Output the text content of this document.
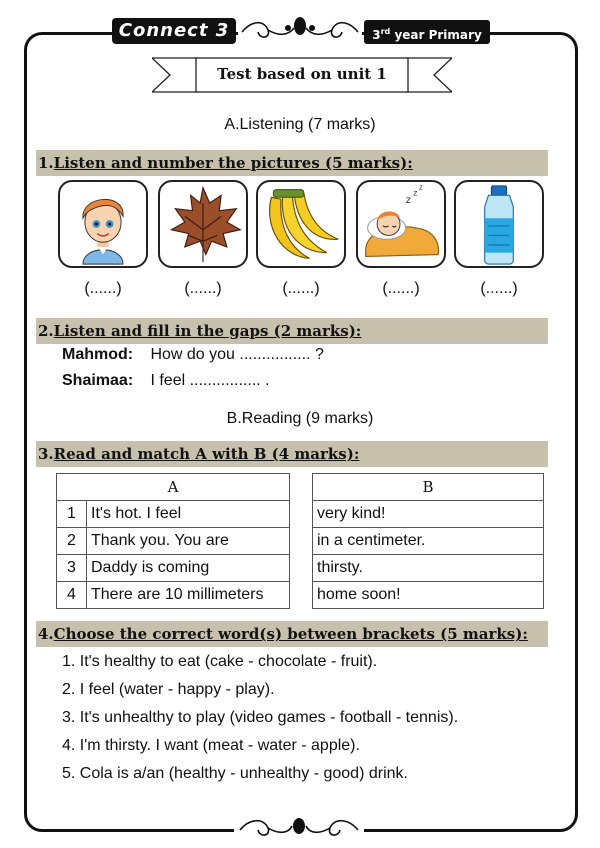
Connect 3	3rd year Primary
Test based on unit 1
A.Listening (7 marks)
1.Listen and number the pictures (5 marks):
z
z
z
(......)	(......)	(......)	(......)	(......)
2.Listen and fill in the gaps (2 marks):
Mahmod: How do you ................ ?
Shaimaa: I feel ................ .
B.Reading (9 marks)
3.Read and match A with B (4 marks):
A	
1	It's hot. I feel
2	Thank you. You are
3	Daddy is coming
4	There are 10 millimeters
B
very kind!
in a centimeter.
thirsty.
home soon!
4.Choose the correct word(s) between brackets (5 marks):
1. It's healthy to eat (cake - chocolate - fruit).
2. I feel (water - happy - play).
3. It's unhealthy to play (video games - football - tennis).
4. I'm thirsty. I want (meat - water - apple).
5. Cola is a/an (healthy - unhealthy - good) drink.
